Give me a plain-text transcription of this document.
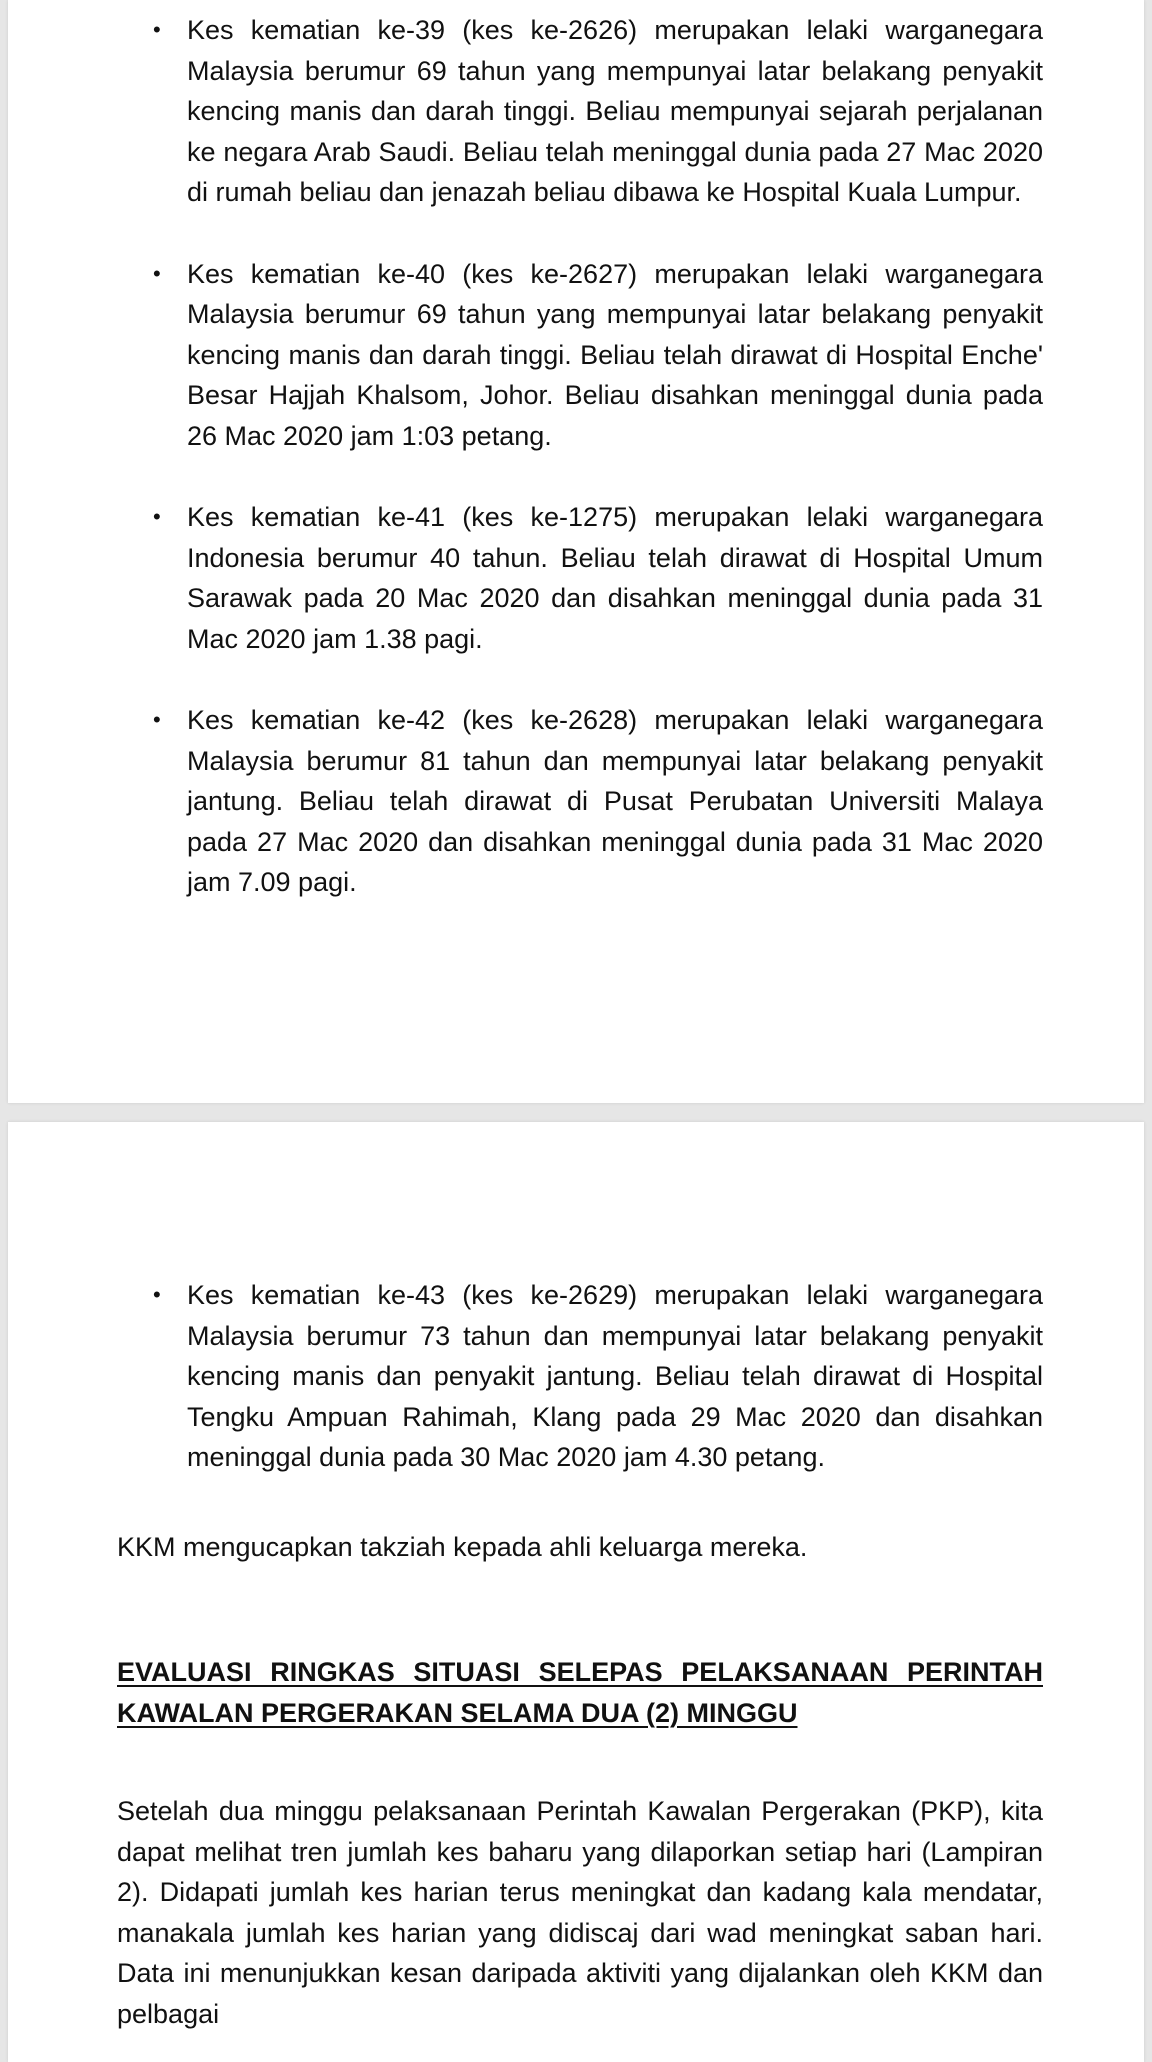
• Kes kematian ke-39 (kes ke-2626) merupakan lelaki warganegara Malaysia berumur 69 tahun yang mempunyai latar belakang penyakit kencing manis dan darah tinggi. Beliau mempunyai sejarah perjalanan ke negara Arab Saudi. Beliau telah meninggal dunia pada 27 Mac 2020 di rumah beliau dan jenazah beliau dibawa ke Hospital Kuala Lumpur.
• Kes kematian ke-40 (kes ke-2627) merupakan lelaki warganegara Malaysia berumur 69 tahun yang mempunyai latar belakang penyakit kencing manis dan darah tinggi. Beliau telah dirawat di Hospital Enche' Besar Hajjah Khalsom, Johor. Beliau disahkan meninggal dunia pada 26 Mac 2020 jam 1:03 petang.
• Kes kematian ke-41 (kes ke-1275) merupakan lelaki warganegara Indonesia berumur 40 tahun. Beliau telah dirawat di Hospital Umum Sarawak pada 20 Mac 2020 dan disahkan meninggal dunia pada 31 Mac 2020 jam 1.38 pagi.
• Kes kematian ke-42 (kes ke-2628) merupakan lelaki warganegara Malaysia berumur 81 tahun dan mempunyai latar belakang penyakit jantung. Beliau telah dirawat di Pusat Perubatan Universiti Malaya pada 27 Mac 2020 dan disahkan meninggal dunia pada 31 Mac 2020 jam 7.09 pagi.
• Kes kematian ke-43 (kes ke-2629) merupakan lelaki warganegara Malaysia berumur 73 tahun dan mempunyai latar belakang penyakit kencing manis dan penyakit jantung. Beliau telah dirawat di Hospital Tengku Ampuan Rahimah, Klang pada 29 Mac 2020 dan disahkan meninggal dunia pada 30 Mac 2020 jam 4.30 petang.

KKM mengucapkan takziah kepada ahli keluarga mereka.

EVALUASI RINGKAS SITUASI SELEPAS PELAKSANAAN PERINTAH KAWALAN PERGERAKAN SELAMA DUA (2) MINGGU

Setelah dua minggu pelaksanaan Perintah Kawalan Pergerakan (PKP), kita dapat melihat tren jumlah kes baharu yang dilaporkan setiap hari (Lampiran 2). Didapati jumlah kes harian terus meningkat dan kadang kala mendatar, manakala jumlah kes harian yang didiscaj dari wad meningkat saban hari. Data ini menunjukkan kesan daripada aktiviti yang dijalankan oleh KKM dan pelbagai
